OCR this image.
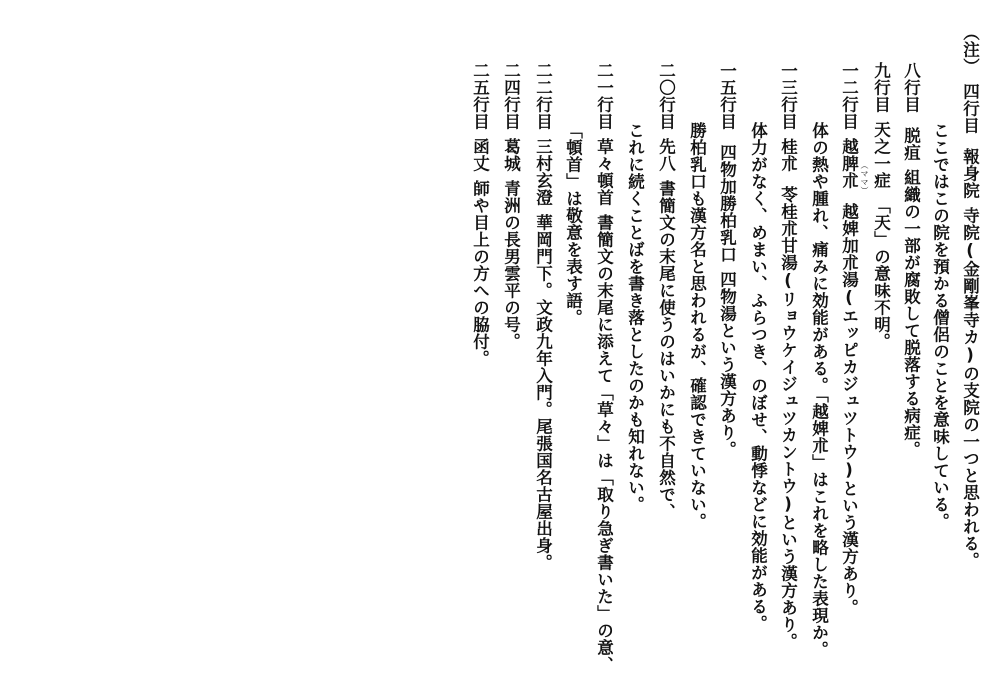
（注）四行目報身院寺院(金剛峯寺カ)の支院の一つと思われる。
ここではこの院を預かる僧侶のことを意味している。
八行目脱疽組織の一部が腐敗して脱落する病症。
九行目天之一症「天」の意味不明。
一二行目越脾 （ママ）
朮越婢加朮湯(エッピカジュツトウ)という漢方あり。
体の熱や腫れ、痛みに効能がある。「越婢朮」はこれを略した表現か。
一三行目桂朮苓桂朮甘湯(リョウケイジュツカントウ)という漢方あり。
体力がなく、めまい、ふらつき、のぼせ、動悸などに効能がある。
一五行目四物加勝柏乳口四物湯という漢方あり。
勝柏乳口も漢方名と思われるが、確認できていない。
二〇行目先八書簡文の末尾に使うのはいかにも不自然で、
これに続くことばを書き落としたのかも知れない。
二一行目草々頓首書簡文の末尾に添えて「草々」は「取り急ぎ書いた」の意、
「頓首」は敬意を表す語。
二二行目三村玄澄華岡門下。文政九年入門。尾張国名古屋出身。
二四行目葛城青洲の長男雲平の号。
二五行目函丈師や目上の方への脇付。
